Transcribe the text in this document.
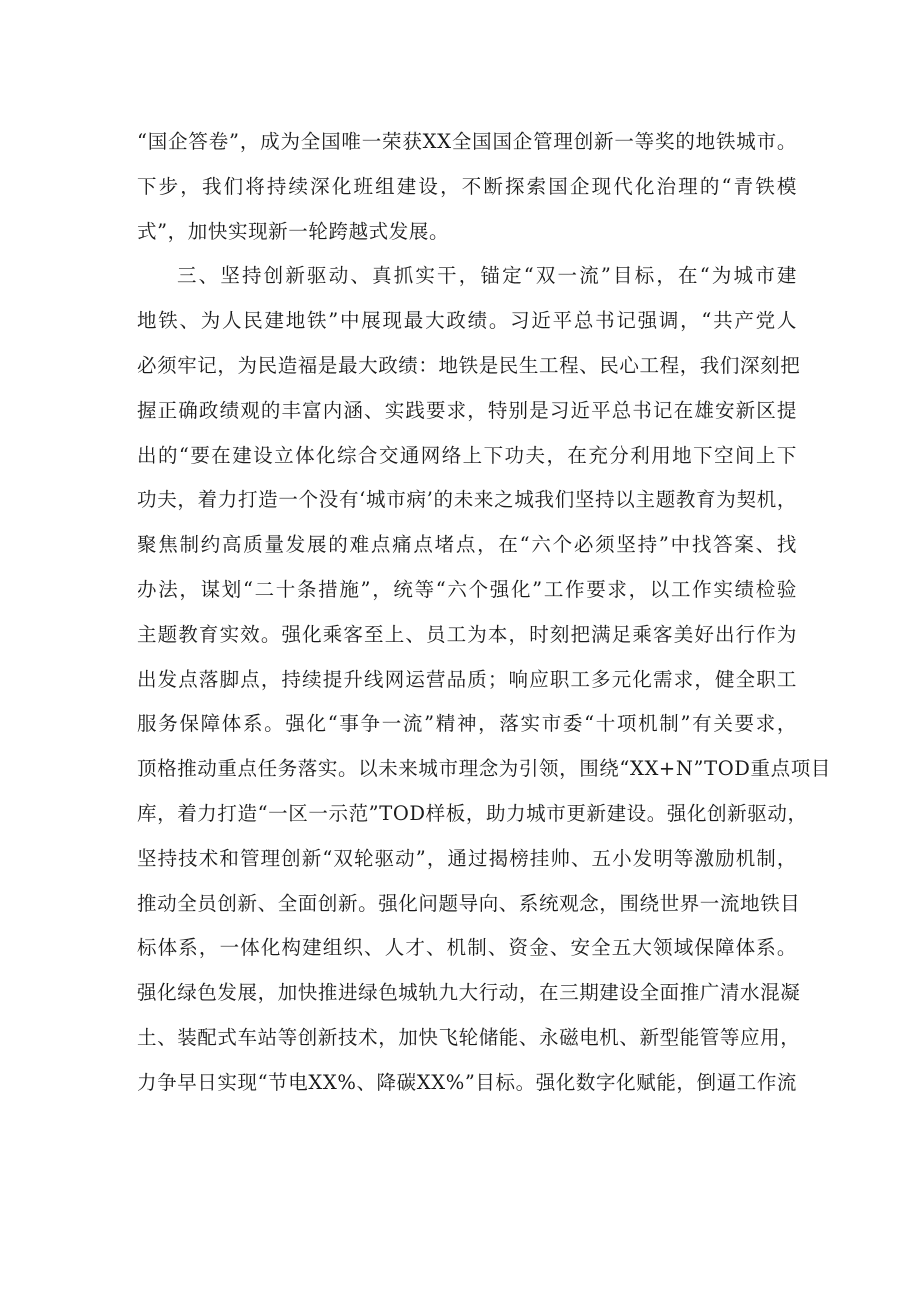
“国企答卷”，成为全国唯一荣获XX全国国企管理创新一等奖的地铁城市。
下步，我们将持续深化班组建设，不断探索国企现代化治理的“青铁模
式”，加快实现新一轮跨越式发展。
三、坚持创新驱动、真抓实干，锚定“双一流”目标，在“为城市建
地铁、为人民建地铁”中展现最大政绩。习近平总书记强调，“共产党人
必须牢记，为民造福是最大政绩：地铁是民生工程、民心工程，我们深刻把
握正确政绩观的丰富内涵、实践要求，特别是习近平总书记在雄安新区提
出的“要在建设立体化综合交通网络上下功夫，在充分利用地下空间上下
功夫，着力打造一个没有‘城市病’的未来之城我们坚持以主题教育为契机，
聚焦制约高质量发展的难点痛点堵点，在“六个必须坚持”中找答案、找
办法，谋划“二十条措施”，统等“六个强化”工作要求，以工作实绩检验
主题教育实效。强化乘客至上、员工为本，时刻把满足乘客美好出行作为
出发点落脚点，持续提升线网运营品质；响应职工多元化需求，健全职工
服务保障体系。强化“事争一流”精神，落实市委“十项机制”有关要求，
顶格推动重点任务落实。以未来城市理念为引领，围绕“XX+N”TOD重点项目
库，着力打造“一区一示范”TOD样板，助力城市更新建设。强化创新驱动，
坚持技术和管理创新“双轮驱动”，通过揭榜挂帅、五小发明等激励机制，
推动全员创新、全面创新。强化问题导向、系统观念，围绕世界一流地铁目
标体系，一体化构建组织、人才、机制、资金、安全五大领域保障体系。
强化绿色发展，加快推进绿色城轨九大行动，在三期建设全面推广清水混凝
土、装配式车站等创新技术，加快飞轮储能、永磁电机、新型能管等应用，
力争早日实现“节电XX%、降碳XX%”目标。强化数字化赋能，倒逼工作流
